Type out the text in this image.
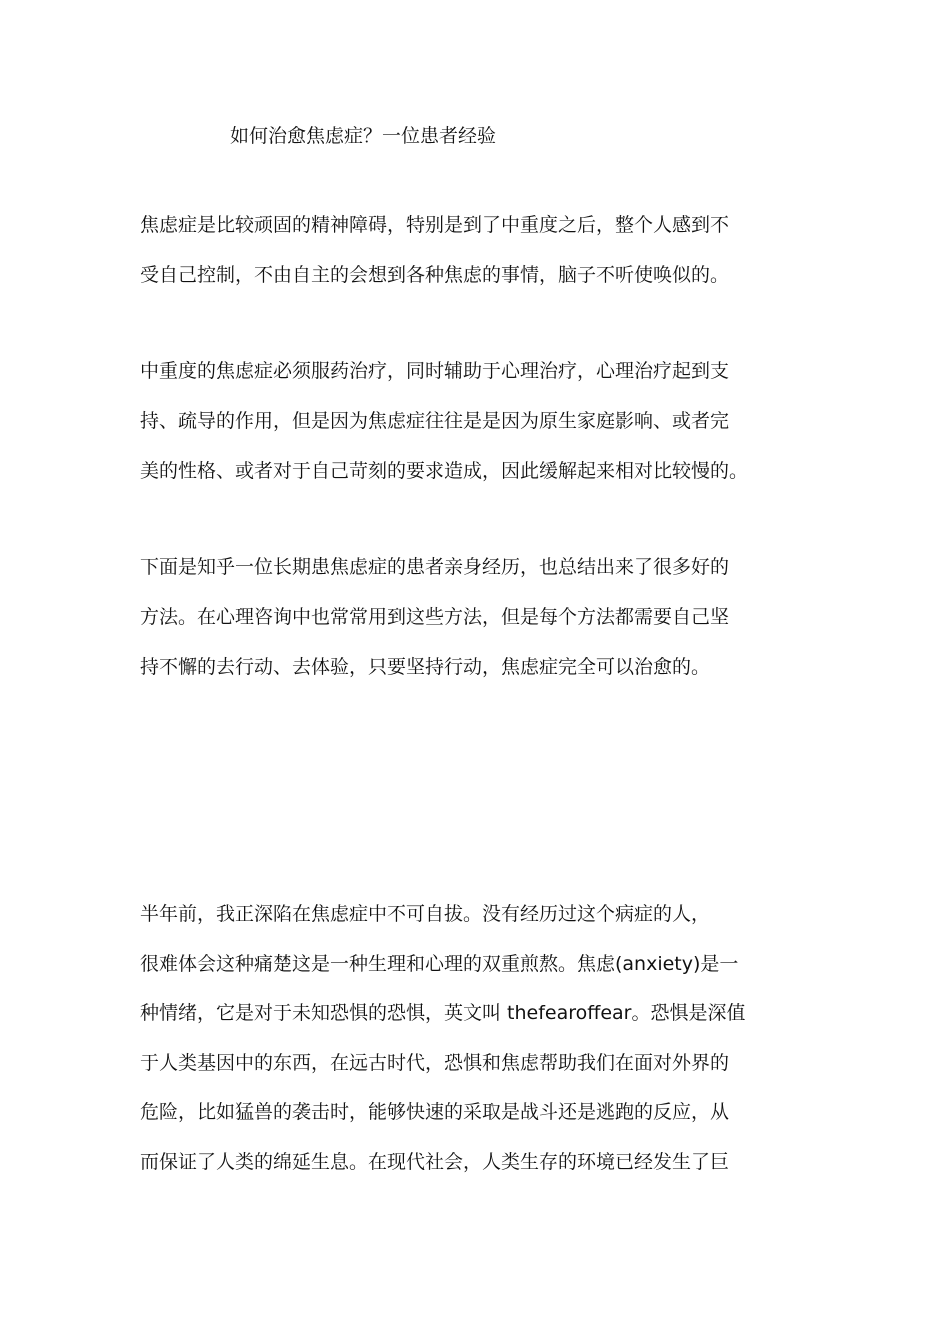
如何治愈焦虑症？一位患者经验

焦虑症是比较顽固的精神障碍，特别是到了中重度之后，整个人感到不

受自己控制，不由自主的会想到各种焦虑的事情，脑子不听使唤似的。

中重度的焦虑症必须服药治疗，同时辅助于心理治疗，心理治疗起到支

持、疏导的作用，但是因为焦虑症往往是是因为原生家庭影响、或者完

美的性格、或者对于自己苛刻的要求造成，因此缓解起来相对比较慢的。

下面是知乎一位长期患焦虑症的患者亲身经历，也总结出来了很多好的

方法。在心理咨询中也常常用到这些方法，但是每个方法都需要自己坚

持不懈的去行动、去体验，只要坚持行动，焦虑症完全可以治愈的。

半年前，我正深陷在焦虑症中不可自拔。没有经历过这个病症的人，

很难体会这种痛楚这是一种生理和心理的双重煎熬。焦虑(anxiety)是一

种情绪，它是对于未知恐惧的恐惧，英文叫 thefearoffear。恐惧是深值

于人类基因中的东西，在远古时代，恐惧和焦虑帮助我们在面对外界的

危险，比如猛兽的袭击时，能够快速的采取是战斗还是逃跑的反应，从

而保证了人类的绵延生息。在现代社会，人类生存的环境已经发生了巨
